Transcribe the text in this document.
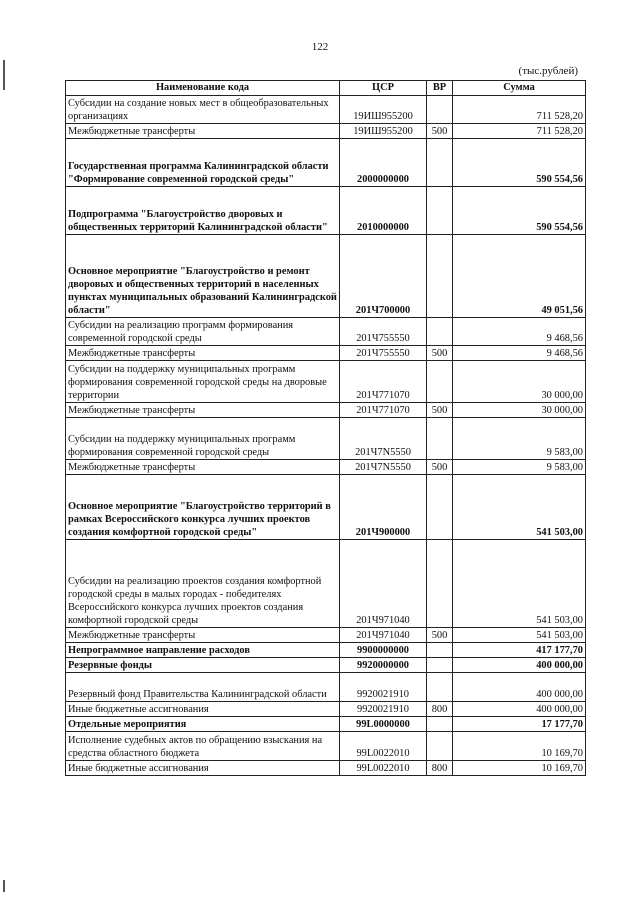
122
(тыс.рублей)
Наименование кода	ЦСР	ВР	Сумма
Субсидии на создание новых мест в общеобразовательных организациях	19ИШ955200		711 528,20
Межбюджетные трансферты	19ИШ955200	500	711 528,20
Государственная программа Калининградской области "Формирование современной городской среды"	2000000000		590 554,56
Подпрограмма "Благоустройство дворовых и общественных территорий Калининградской области"	2010000000		590 554,56
Основное мероприятие "Благоустройство и ремонт дворовых и общественных территорий в населенных пунктах муниципальных образований Калининградской области"	201Ч700000		49 051,56
Субсидии на реализацию программ формирования современной городской среды	201Ч755550		9 468,56
Межбюджетные трансферты	201Ч755550	500	9 468,56
Субсидии на поддержку муниципальных программ формирования современной городской среды на дворовые территории	201Ч771070		30 000,00
Межбюджетные трансферты	201Ч771070	500	30 000,00
Субсидии на поддержку муниципальных программ формирования современной городской среды	201Ч7N5550		9 583,00
Межбюджетные трансферты	201Ч7N5550	500	9 583,00
Основное мероприятие "Благоустройство территорий в рамках Всероссийского конкурса лучших проектов создания комфортной городской среды"	201Ч900000		541 503,00
Субсидии на реализацию проектов создания комфортной городской среды в малых городах - победителях Всероссийского конкурса лучших проектов создания комфортной городской среды	201Ч971040		541 503,00
Межбюджетные трансферты	201Ч971040	500	541 503,00
Непрограммное направление расходов	9900000000		417 177,70
Резервные фонды	9920000000		400 000,00
Резервный фонд Правительства Калининградской области	9920021910		400 000,00
Иные бюджетные ассигнования	9920021910	800	400 000,00
Отдельные мероприятия	99L0000000		17 177,70
Исполнение судебных актов по обращению взыскания на средства областного бюджета	99L0022010		10 169,70
Иные бюджетные ассигнования	99L0022010	800	10 169,70
